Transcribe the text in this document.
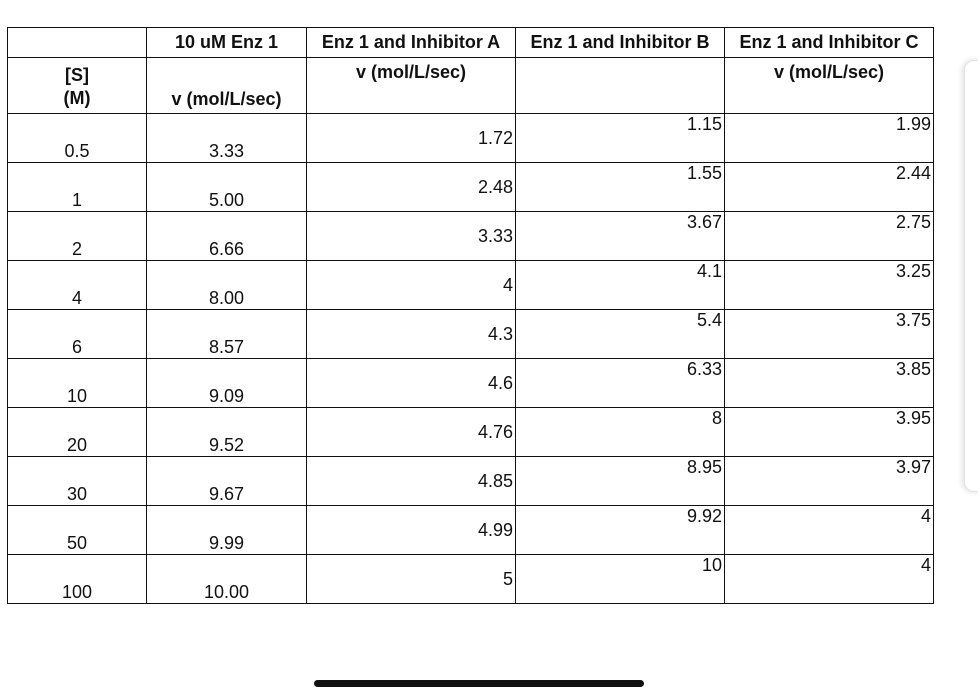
	10 uM Enz 1	Enz 1 and Inhibitor A	Enz 1 and Inhibitor B	Enz 1 and Inhibitor C

[S]
(M)	v (mol/L/sec)	v (mol/L/sec)		v (mol/L/sec)
0.5	3.33	1.72	1.15	1.99
1	5.00	2.48	1.55	2.44
2	6.66	3.33	3.67	2.75
4	8.00	4	4.1	3.25
6	8.57	4.3	5.4	3.75
10	9.09	4.6	6.33	3.85
20	9.52	4.76	8	3.95
30	9.67	4.85	8.95	3.97
50	9.99	4.99	9.92	4
100	10.00	5	10	4
